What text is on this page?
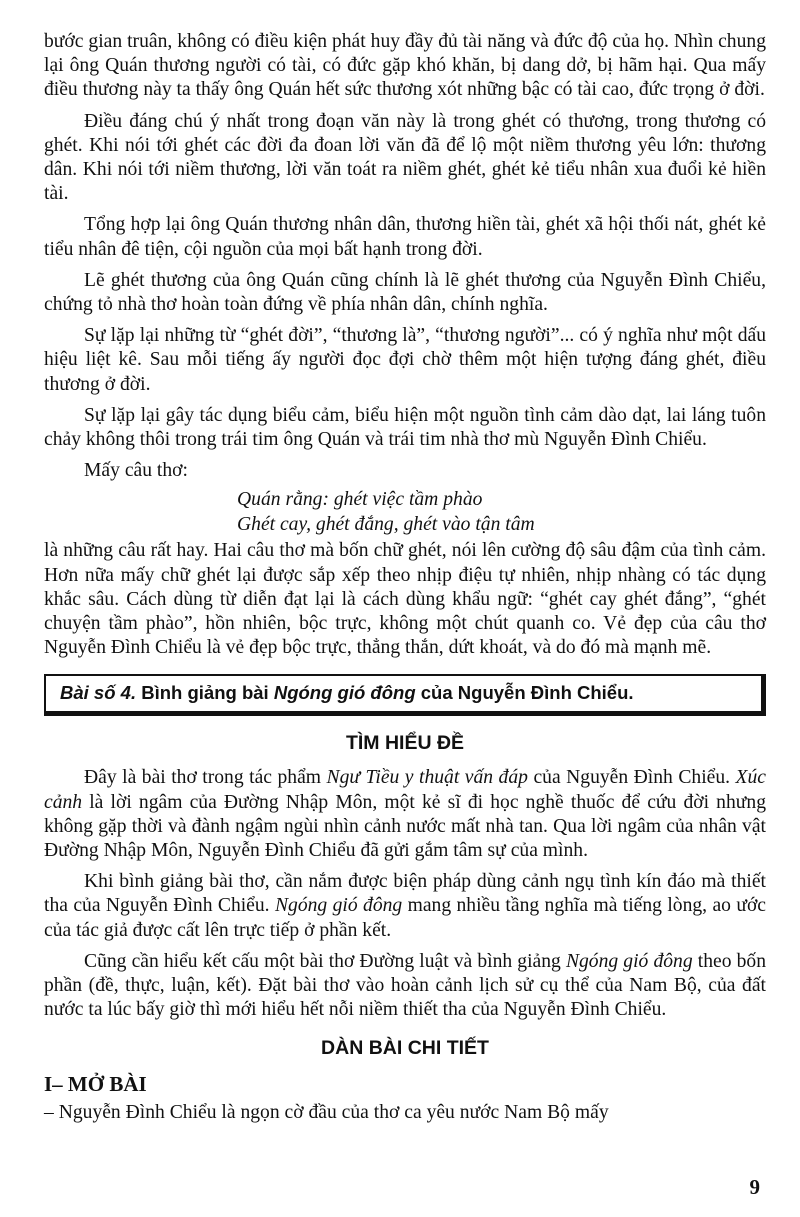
bước gian truân, không có điều kiện phát huy đầy đủ tài năng và đức độ của họ. Nhìn chung lại ông Quán thương người có tài, có đức gặp khó khăn, bị dang dở, bị hãm hại. Qua mấy điều thương này ta thấy ông Quán hết sức thương xót những bậc có tài cao, đức trọng ở đời.

Điều đáng chú ý nhất trong đoạn văn này là trong ghét có thương, trong thương có ghét. Khi nói tới ghét các đời đa đoan lời văn đã để lộ một niềm thương yêu lớn: thương dân. Khi nói tới niềm thương, lời văn toát ra niềm ghét, ghét kẻ tiểu nhân xua đuổi kẻ hiền tài.

Tổng hợp lại ông Quán thương nhân dân, thương hiền tài, ghét xã hội thối nát, ghét kẻ tiểu nhân đê tiện, cội nguồn của mọi bất hạnh trong đời.

Lẽ ghét thương của ông Quán cũng chính là lẽ ghét thương của Nguyễn Đình Chiểu, chứng tỏ nhà thơ hoàn toàn đứng về phía nhân dân, chính nghĩa.

Sự lặp lại những từ “ghét đời”, “thương là”, “thương người”... có ý nghĩa như một dấu hiệu liệt kê. Sau mỗi tiếng ấy người đọc đợi chờ thêm một hiện tượng đáng ghét, điều thương ở đời.

Sự lặp lại gây tác dụng biểu cảm, biểu hiện một nguồn tình cảm dào dạt, lai láng tuôn chảy không thôi trong trái tim ông Quán và trái tim nhà thơ mù Nguyễn Đình Chiểu.

Mấy câu thơ:

Quán rằng: ghét việc tầm phào
Ghét cay, ghét đắng, ghét vào tận tâm

là những câu rất hay. Hai câu thơ mà bốn chữ ghét, nói lên cường độ sâu đậm của tình cảm. Hơn nữa mấy chữ ghét lại được sắp xếp theo nhịp điệu tự nhiên, nhịp nhàng có tác dụng khắc sâu. Cách dùng từ diễn đạt lại là cách dùng khẩu ngữ: “ghét cay ghét đắng”, “ghét chuyện tầm phào”, hồn nhiên, bộc trực, không một chút quanh co. Vẻ đẹp của câu thơ Nguyễn Đình Chiểu là vẻ đẹp bộc trực, thẳng thắn, dứt khoát, và do đó mà mạnh mẽ.

Bài số 4. Bình giảng bài Ngóng gió đông của Nguyễn Đình Chiểu.
TÌM HIỂU ĐỀ

Đây là bài thơ trong tác phẩm Ngư Tiều y thuật vấn đáp của Nguyễn Đình Chiểu. Xúc cảnh là lời ngâm của Đường Nhập Môn, một kẻ sĩ đi học nghề thuốc để cứu đời nhưng không gặp thời và đành ngậm ngùi nhìn cảnh nước mất nhà tan. Qua lời ngâm của nhân vật Đường Nhập Môn, Nguyễn Đình Chiểu đã gửi gắm tâm sự của mình.

Khi bình giảng bài thơ, cần nắm được biện pháp dùng cảnh ngụ tình kín đáo mà thiết tha của Nguyễn Đình Chiểu. Ngóng gió đông mang nhiều tầng nghĩa mà tiếng lòng, ao ước của tác giả được cất lên trực tiếp ở phần kết.

Cũng cần hiểu kết cấu một bài thơ Đường luật và bình giảng Ngóng gió đông theo bốn phần (đề, thực, luận, kết). Đặt bài thơ vào hoàn cảnh lịch sử cụ thể của Nam Bộ, của đất nước ta lúc bấy giờ thì mới hiểu hết nỗi niềm thiết tha của Nguyễn Đình Chiểu.

DÀN BÀI CHI TIẾT
I– MỞ BÀI

– Nguyễn Đình Chiểu là ngọn cờ đầu của thơ ca yêu nước Nam Bộ mấy

9
